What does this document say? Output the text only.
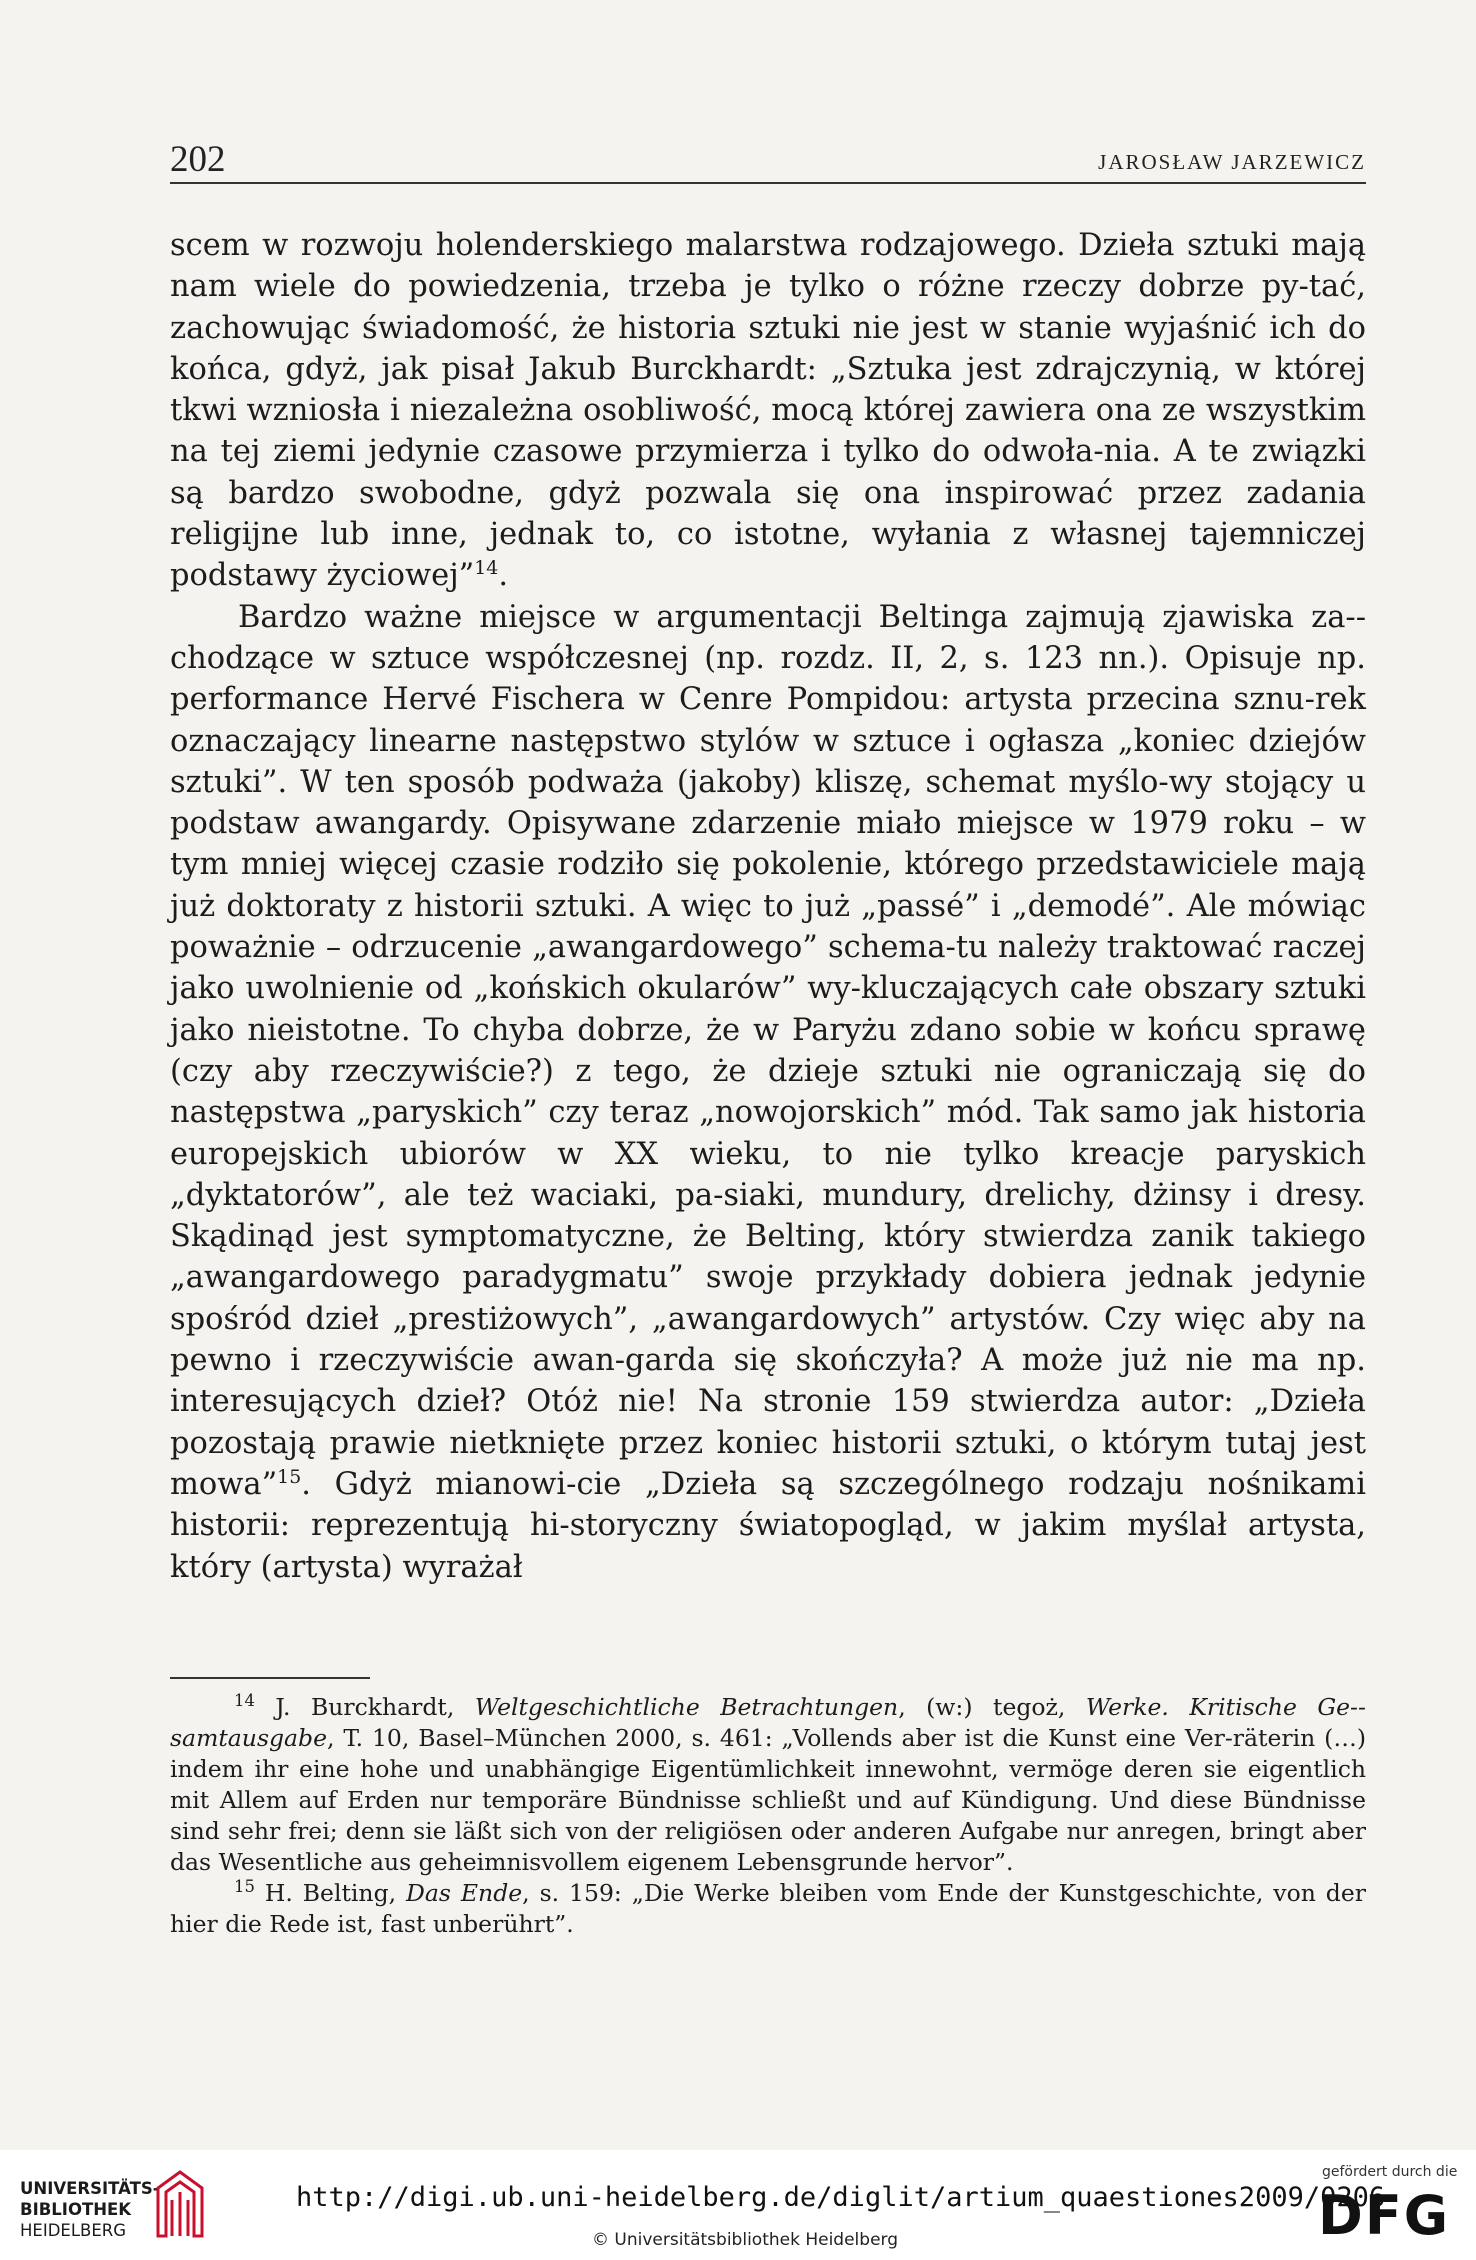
202	JAROSŁAW JARZEWICZ

scem w rozwoju holenderskiego malarstwa rodzajowego. Dzieła sztuki mają nam wiele do powiedzenia, trzeba je tylko o różne rzeczy dobrze py-tać, zachowując świadomość, że historia sztuki nie jest w stanie wyjaśnić ich do końca, gdyż, jak pisał Jakub Burckhardt: „Sztuka jest zdrajczynią, w której tkwi wzniosła i niezależna osobliwość, mocą której zawiera ona ze wszystkim na tej ziemi jedynie czasowe przymierza i tylko do odwoła-nia. A te związki są bardzo swobodne, gdyż pozwala się ona inspirować przez zadania religijne lub inne, jednak to, co istotne, wyłania z własnej tajemniczej podstawy życiowej”$^{14}$.

Bardzo ważne miejsce w argumentacji Beltinga zajmują zjawiska za-chodzące w sztuce współczesnej (np. rozdz. II, 2, s. 123 nn.). Opisuje np. performance Hervé Fischera w Cenre Pompidou: artysta przecina sznu-rek oznaczający linearne następstwo stylów w sztuce i ogłasza „koniec dziejów sztuki”. W ten sposób podważa (jakoby) kliszę, schemat myślo-wy stojący u podstaw awangardy. Opisywane zdarzenie miało miejsce w 1979 roku – w tym mniej więcej czasie rodziło się pokolenie, którego przedstawiciele mają już doktoraty z historii sztuki. A więc to już „passé” i „demodé”. Ale mówiąc poważnie – odrzucenie „awangardowego” schema-tu należy traktować raczej jako uwolnienie od „końskich okularów” wy-kluczających całe obszary sztuki jako nieistotne. To chyba dobrze, że w Paryżu zdano sobie w końcu sprawę (czy aby rzeczywiście?) z tego, że dzieje sztuki nie ograniczają się do następstwa „paryskich” czy teraz „nowojorskich” mód. Tak samo jak historia europejskich ubiorów w XX wieku, to nie tylko kreacje paryskich „dyktatorów”, ale też waciaki, pa-siaki, mundury, drelichy, dżinsy i dresy. Skądinąd jest symptomatyczne, że Belting, który stwierdza zanik takiego „awangardowego paradygmatu” swoje przykłady dobiera jednak jedynie spośród dzieł „prestiżowych”, „awangardowych” artystów. Czy więc aby na pewno i rzeczywiście awan-garda się skończyła? A może już nie ma np. interesujących dzieł? Otóż nie! Na stronie 159 stwierdza autor: „Dzieła pozostają prawie nietknięte przez koniec historii sztuki, o którym tutaj jest mowa”$^{15}$. Gdyż mianowi-cie „Dzieła są szczególnego rodzaju nośnikami historii: reprezentują hi-storyczny światopogląd, w jakim myślał artysta, który (artysta) wyrażał

$^{14}$ J. Burckhardt, Weltgeschichtliche Betrachtungen, (w:) tegoż, Werke. Kritische Ge-samtausgabe, T. 10, Basel–München 2000, s. 461: „Vollends aber ist die Kunst eine Ver-räterin (…) indem ihr eine hohe und unabhängige Eigentümlichkeit innewohnt, vermöge deren sie eigentlich mit Allem auf Erden nur temporäre Bündnisse schließt und auf Kündigung. Und diese Bündnisse sind sehr frei; denn sie läßt sich von der religiösen oder anderen Aufgabe nur anregen, bringt aber das Wesentliche aus geheimnisvollem eigenem Lebensgrunde hervor”.

$^{15}$ H. Belting, Das Ende, s. 159: „Die Werke bleiben vom Ende der Kunstgeschichte, von der hier die Rede ist, fast unberührt”.

UNIVERSITÄTS-
BIBLIOTHEK
HEIDELBERG
http://digi.ub.uni-heidelberg.de/diglit/artium_quaestiones2009/0206
© Universitätsbibliothek Heidelberg
gefördert durch die
DFG
